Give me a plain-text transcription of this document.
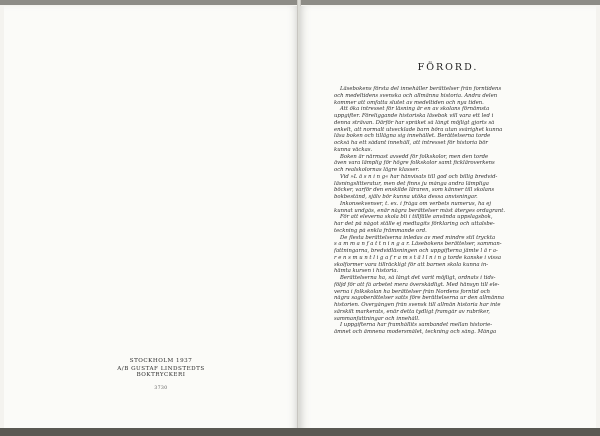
STOCKHOLM 1937
A/B GUSTAF LINDSTEDTS BOKTRYCKERI
3730
FÖRORD.
Läsebokens första del innehåller berättelser från forntidens
och medeltidens svenska och allmänna historia. Andra delen
kommer att omfatta slutet av medeltiden och nya tiden.
Att öka intresset för läsning är en av skolans förnämsta
uppgifter. Föreliggande historiska läsebok vill vara ett led i
denna strävan. Därför har språket så långt möjligt gjorts så
enkelt, att normalt utvecklade barn böra utan svårighet kunna
läsa boken och tillägna sig innehållet. Berättelserna torde
också ha ett sådant innehåll, att intresset för historia bör
kunna väckas.
Boken är närmast avsedd för folkskolor, men den torde
även vara lämplig för högre folkskolor samt fickläroverkens
och realskolornas lägre klasser.
Vid »L ä s n i n g« har hänvisats till god och billig bredvid-
läsningslitteratur, men det finns ju många andra lämpliga
böcker, varför den enskilde läraren, som känner till skolans
bokbestånd, själv bör kunna utöka dessa anvisningar.
Inkonsekvenser, t. ex. i fråga om verbets numerus, ha ej
kunnat undgås, enär några berättelser måst återges ordagrant.
För att eleverna skola bli i tillfälle använda uppslagsbok,
har det på något ställe ej medtagits förklaring och uttalsbe-
teckning på enkla främmande ord.
De flesta berättelserna inledas av med mindre stil tryckta
s a m m a n f a t t n i n g a r. Läsebokens berättelser, samman-
fattningarna, bredvidläsningen och uppgifterna jämte l ä r a-
r e n s m u n t l i g a f r a m s t ä l l n i n g torde kanske i vissa
skolformer vara tillräckligt för att barnen skola kunna in-
hämta kursen i historia.
Berättelserna ha, så långt det varit möjligt, ordnats i tids-
följd för att få arbetet mera överskådligt. Med hänsyn till ele-
verna i folkskolan ha berättelser från Nordens forntid och
några sagoberättelser satts före berättelserna ur den allmänna
historien. Övergången från svensk till allmän historia har inte
särskilt markerats, enär detta tydligt framgår av rubriker,
sammanfattningar och innehåll.
I uppgifterna har framhållits sambandet mellan historie-
ämnet och ämnena modersmålet, teckning och sång. Många
